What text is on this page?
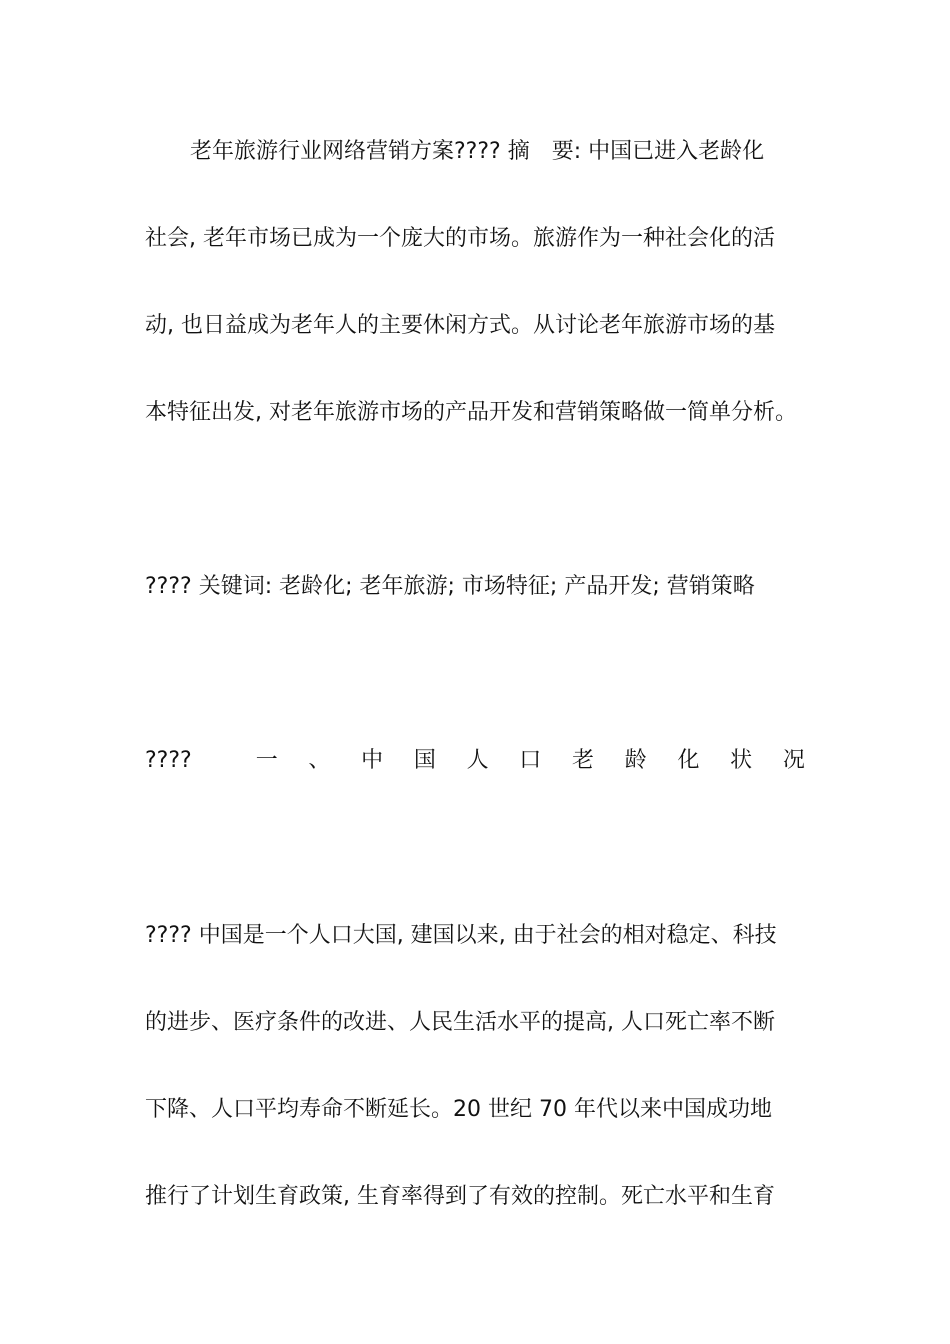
老年旅游行业网络营销方案???? 摘　要: 中国已进入老龄化
社会, 老年市场已成为一个庞大的市场。旅游作为一种社会化的活
动, 也日益成为老年人的主要休闲方式。从讨论老年旅游市场的基
本特征出发, 对老年旅游市场的产品开发和营销策略做一简单分析。
???? 关键词: 老龄化; 老年旅游; 市场特征; 产品开发; 营销策略
????	一 、 中 国 人 口 老 龄 化 状 况
???? 中国是一个人口大国, 建国以来, 由于社会的相对稳定、科技
的进步、医疗条件的改进、人民生活水平的提高, 人口死亡率不断
下降、人口平均寿命不断延长。20 世纪 70 年代以来中国成功地
推行了计划生育政策, 生育率得到了有效的控制。死亡水平和生育
